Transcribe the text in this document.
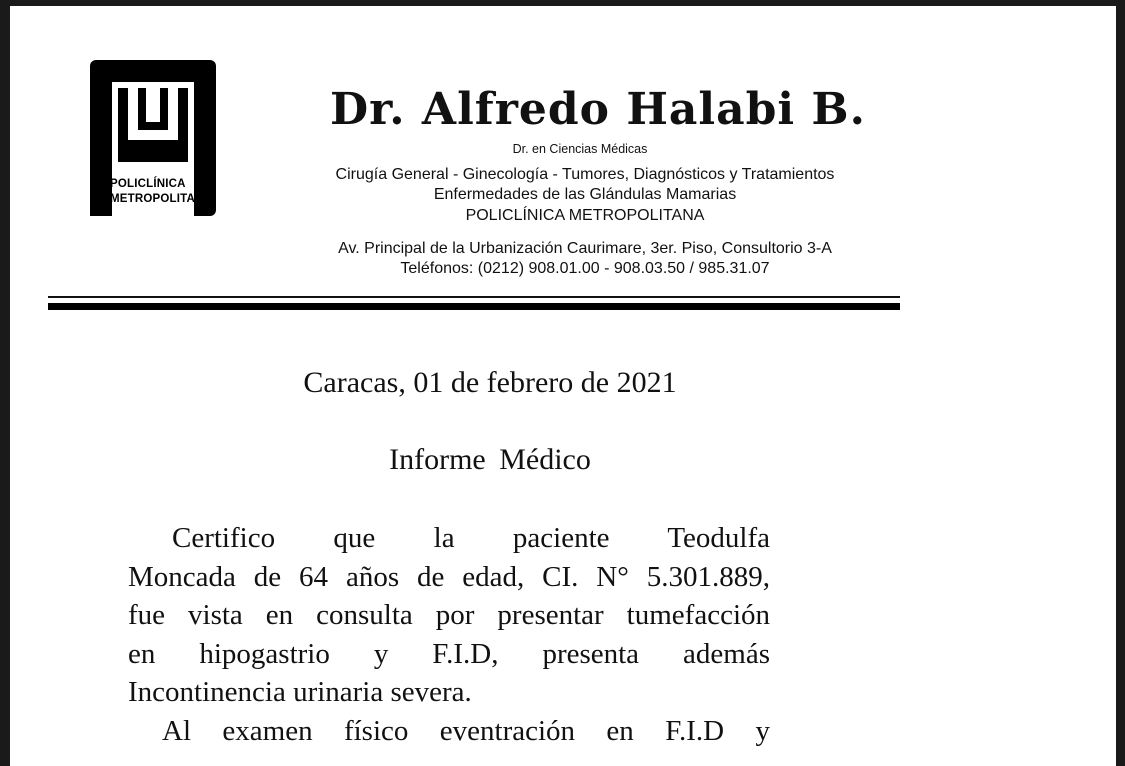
POLICLÍNICA
METROPOLITANA
Dr. Alfredo Halabi B.
Dr. en Ciencias Médicas
Cirugía General - Ginecología - Tumores, Diagnósticos y Tratamientos
Enfermedades de las Glándulas Mamarias
POLICLÍNICA METROPOLITANA
Av. Principal de la Urbanización Caurimare, 3er. Piso, Consultorio 3-A
Teléfonos: (0212) 908.01.00 - 908.03.50 / 985.31.07
Caracas, 01 de febrero de 2021
Informe Médico
Certifico que la paciente Teodulfa
Moncada de 64 años de edad, CI. N° 5.301.889,
fue vista en consulta por presentar tumefacción
en hipogastrio y F.I.D, presenta además
Incontinencia urinaria severa.
Al examen físico eventración en F.I.D y
